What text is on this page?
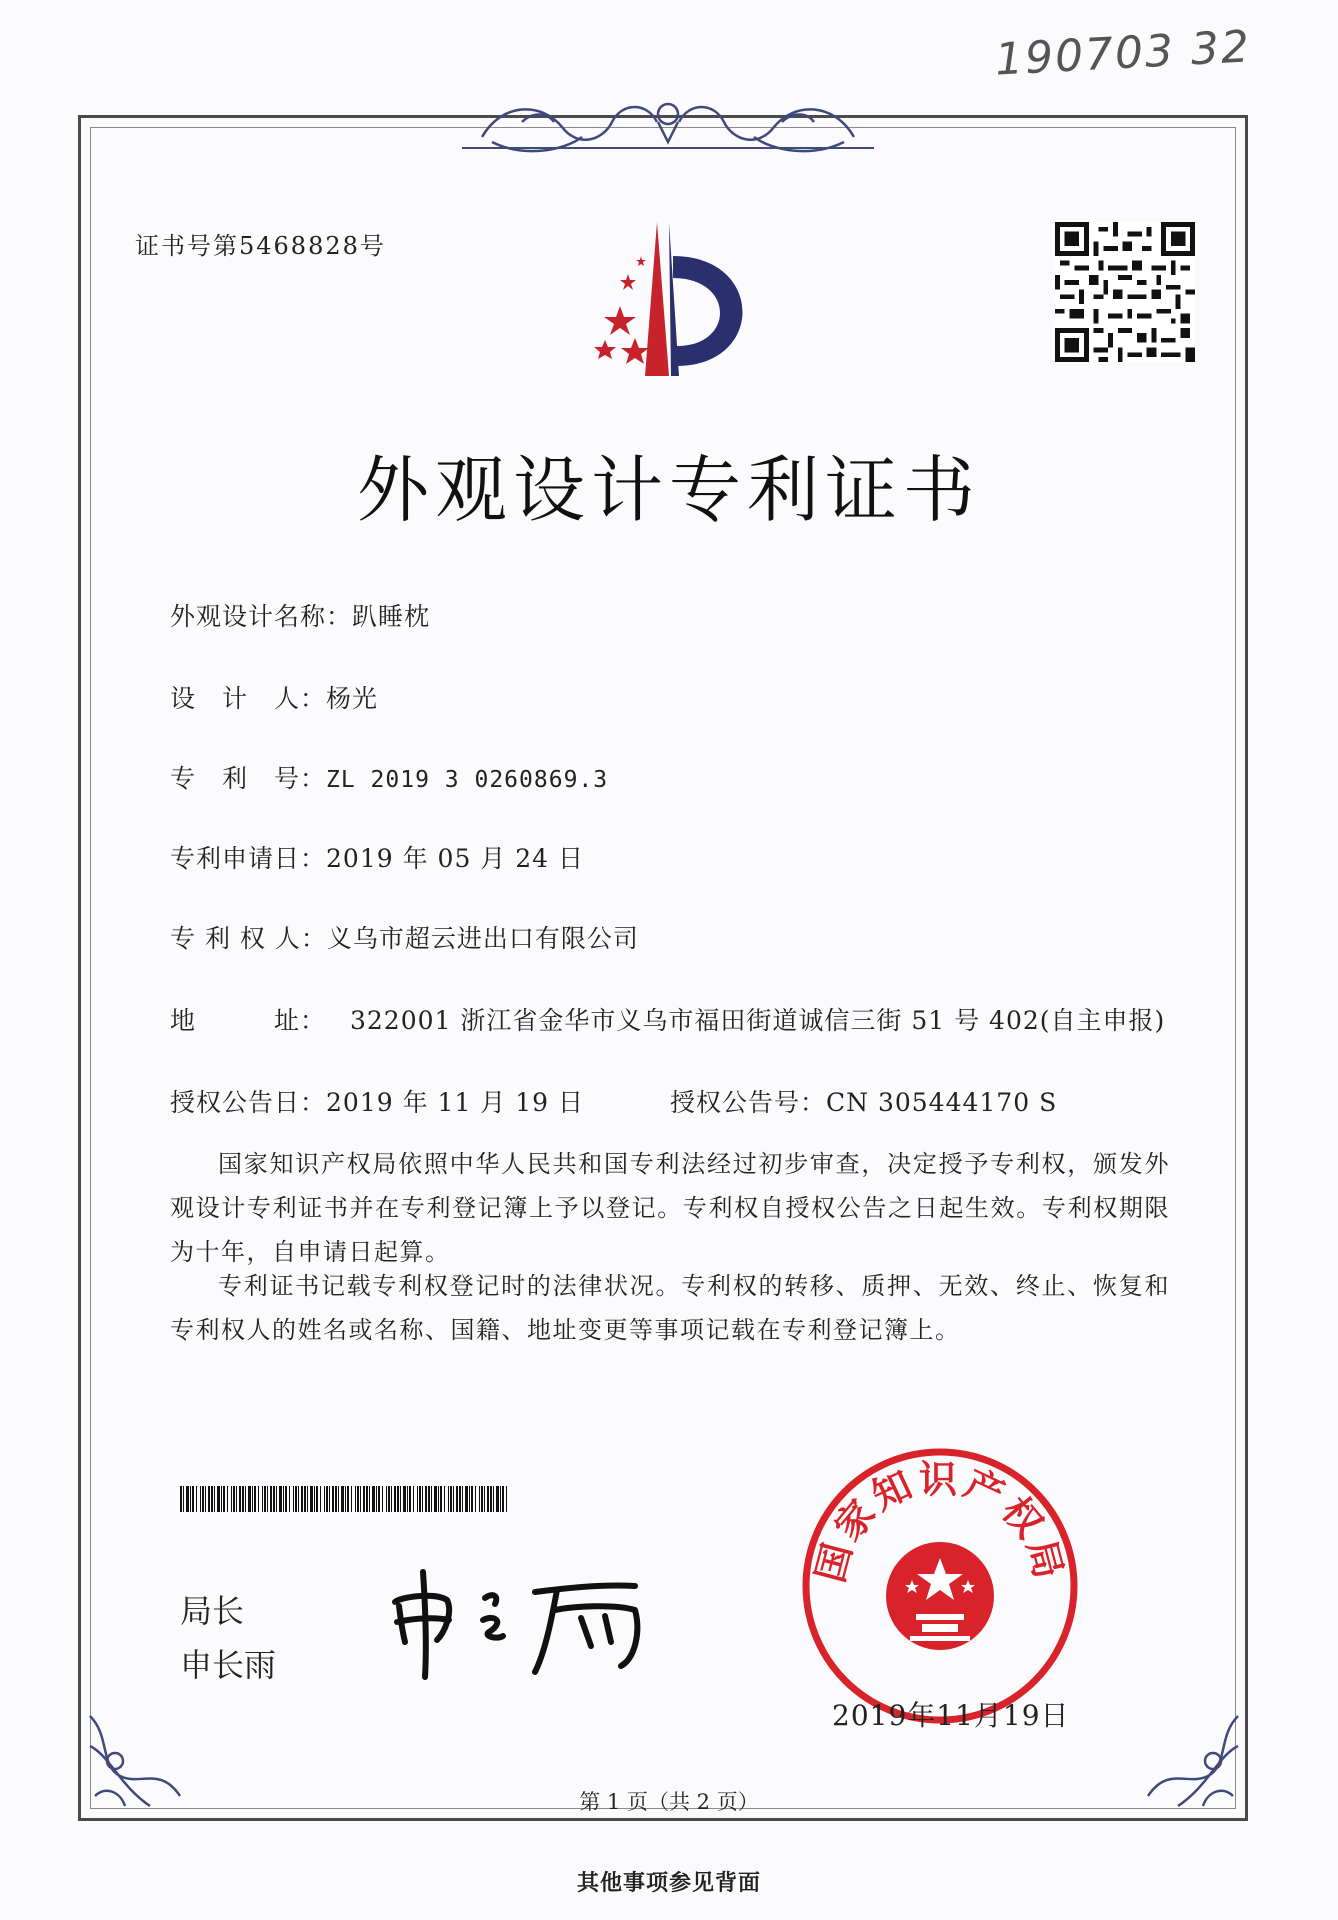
190703 32
证书号第5468828号
外观设计专利证书
外观设计名称：趴睡枕
设　计　人：杨光
专　利　号：ZL 2019 3 0260869.3
专利申请日：2019 年 05 月 24 日
专 利 权 人：义乌市超云进出口有限公司
地　　　址： 322001 浙江省金华市义乌市福田街道诚信三街 51 号 402(自主申报)
授权公告日：2019 年 11 月 19 日	授权公告号：CN 305444170 S
国家知识产权局依照中华人民共和国专利法经过初步审查，决定授予专利权，颁发外观设计专利证书并在专利登记簿上予以登记。专利权自授权公告之日起生效。专利权期限为十年，自申请日起算。
专利证书记载专利权登记时的法律状况。专利权的转移、质押、无效、终止、恢复和专利权人的姓名或名称、国籍、地址变更等事项记载在专利登记簿上。
局长
申长雨
国家知识产权局
2019年11月19日
第 1 页（共 2 页）
其他事项参见背面
